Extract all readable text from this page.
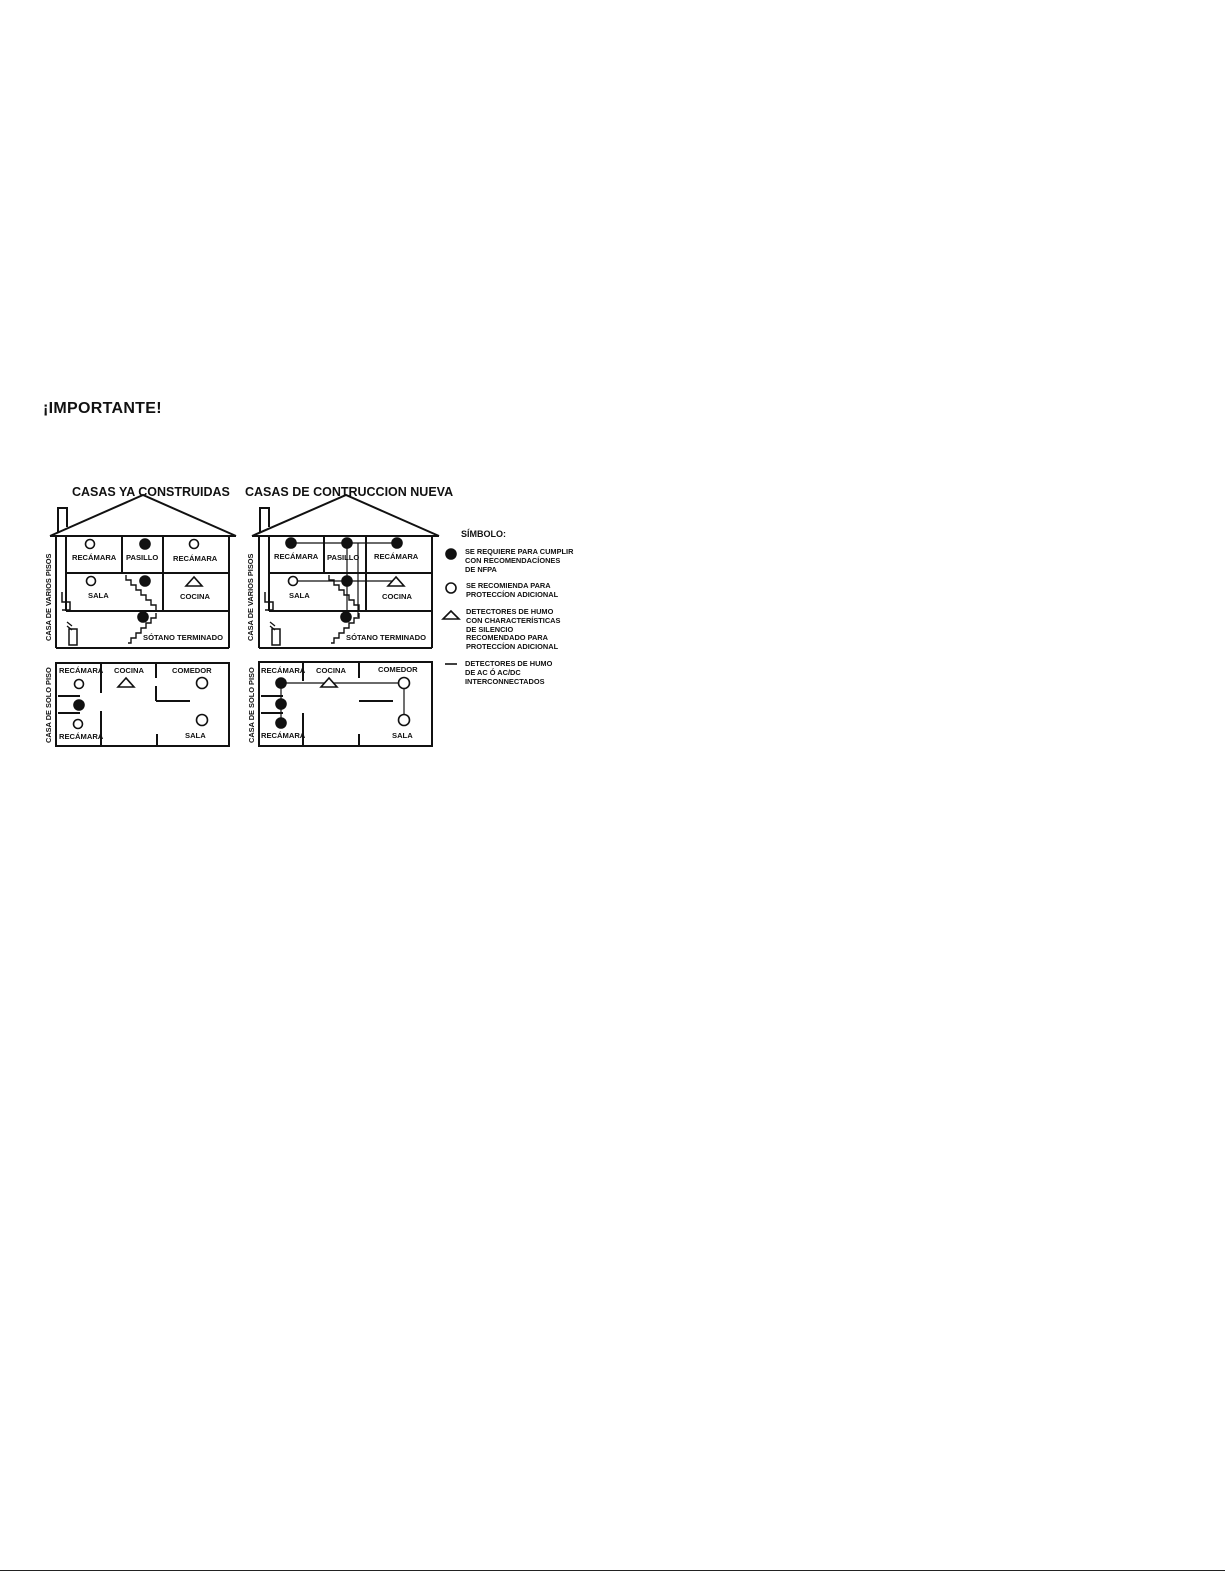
¡IMPORTANTE!
CASAS YA CONSTRUIDAS CASAS DE CONTRUCCION NUEVA
RECÁMARA PASILLO RECÁMARA
SALA	COCINA
SÓTANO TERMINADO
CASA DE VARIOS PISOS
RECÁMARA COCINA	COMEDOR
RECÁMARA	SALA
CASA DE SOLO PISO
RECÁMARA PASILLO RECÁMARA
SALA	COCINA
SÓTANO TERMINADO
CASA DE VARIOS PISOS
RECÁMARA COCINA	COMEDOR
RECÁMARA	SALA
CASA DE SOLO PISO
SÍMBOLO:
SE REQUIERE PARA CUMPLIR
CON RECOMENDACÍONES
DE NFPA
SE RECOMIENDA PARA
PROTECCÍON ADICIONAL
DETECTORES DE HUMO
CON CHARACTERÍSTICAS
DE SILENCIO
RECOMENDADO PARA
PROTECCÍON ADICIONAL
DETECTORES DE HUMO
DE AC Ó AC/DC
INTERCONNECTADOS
